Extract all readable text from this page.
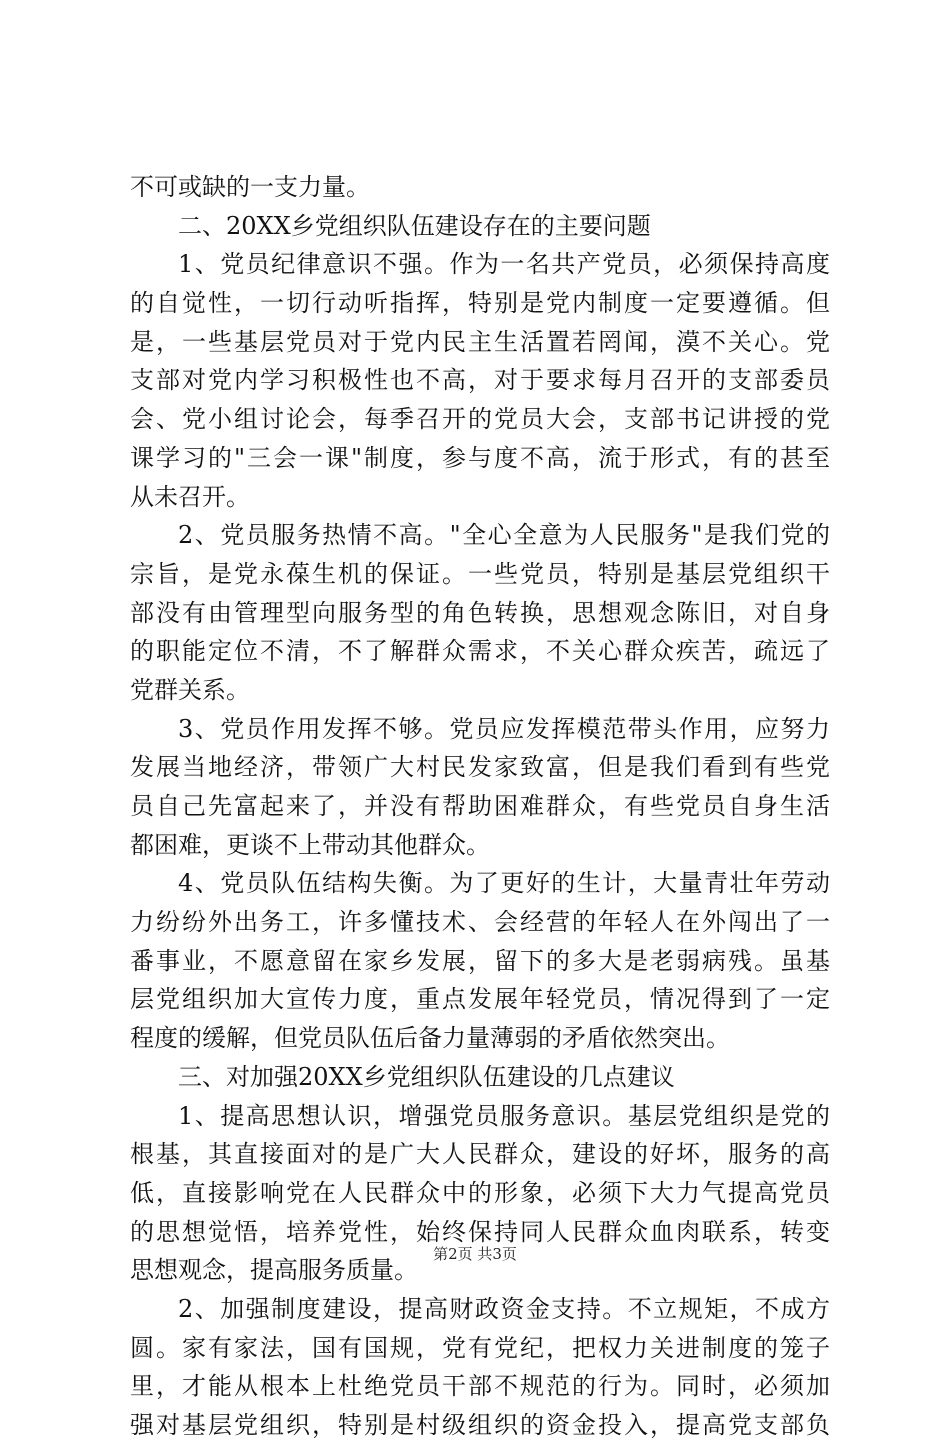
不可或缺的一支力量。
二、20XX乡党组织队伍建设存在的主要问题
1、党员纪律意识不强。作为一名共产党员，必须保持高度
的自觉性，一切行动听指挥，特别是党内制度一定要遵循。但
是，一些基层党员对于党内民主生活置若罔闻，漠不关心。党
支部对党内学习积极性也不高，对于要求每月召开的支部委员
会、党小组讨论会，每季召开的党员大会，支部书记讲授的党
课学习的"三会一课"制度，参与度不高，流于形式，有的甚至
从未召开。
2、党员服务热情不高。"全心全意为人民服务"是我们党的
宗旨，是党永葆生机的保证。一些党员，特别是基层党组织干
部没有由管理型向服务型的角色转换，思想观念陈旧，对自身
的职能定位不清，不了解群众需求，不关心群众疾苦，疏远了
党群关系。
3、党员作用发挥不够。党员应发挥模范带头作用，应努力
发展当地经济，带领广大村民发家致富，但是我们看到有些党
员自己先富起来了，并没有帮助困难群众，有些党员自身生活
都困难，更谈不上带动其他群众。
4、党员队伍结构失衡。为了更好的生计，大量青壮年劳动
力纷纷外出务工，许多懂技术、会经营的年轻人在外闯出了一
番事业，不愿意留在家乡发展，留下的多大是老弱病残。虽基
层党组织加大宣传力度，重点发展年轻党员，情况得到了一定
程度的缓解，但党员队伍后备力量薄弱的矛盾依然突出。
三、对加强20XX乡党组织队伍建设的几点建议
1、提高思想认识，增强党员服务意识。基层党组织是党的
根基，其直接面对的是广大人民群众，建设的好坏，服务的高
低，直接影响党在人民群众中的形象，必须下大力气提高党员
的思想觉悟，培养党性，始终保持同人民群众血肉联系，转变
思想观念，提高服务质量。
2、加强制度建设，提高财政资金支持。不立规矩，不成方
圆。家有家法，国有国规，党有党纪，把权力关进制度的笼子
里，才能从根本上杜绝党员干部不规范的行为。同时，必须加
强对基层党组织，特别是村级组织的资金投入，提高党支部负
第2页 共3页
